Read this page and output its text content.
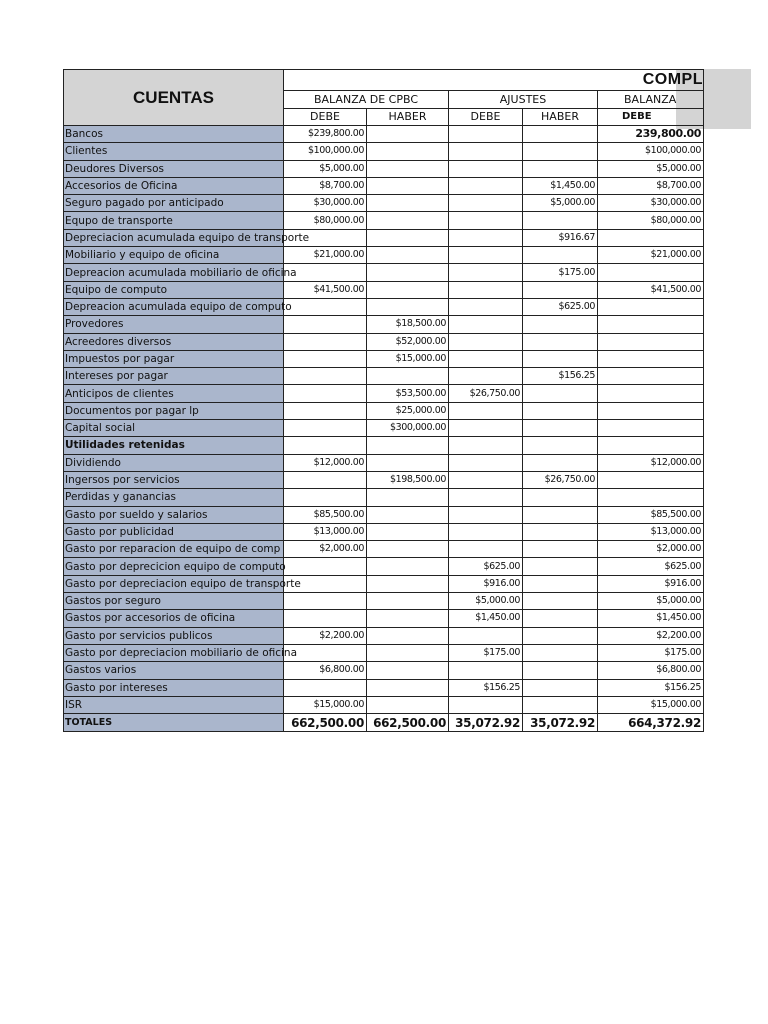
CUENTAS	COMPL				
	BALANZA DE CPBC		AJUSTES		BALANZA
	DEBE	HABER	DEBE	HABER	DEBE
Bancos	$239,800.00				239,800.00
Clientes	$100,000.00				$100,000.00
Deudores Diversos	$5,000.00				$5,000.00
Accesorios de Oficina	$8,700.00			$1,450.00	$8,700.00
Seguro pagado por anticipado	$30,000.00			$5,000.00	$30,000.00
Equpo de transporte	$80,000.00				$80,000.00
Depreciacion acumulada equipo de transporte				$916.67	
Mobiliario y equipo de oficina	$21,000.00				$21,000.00
Depreacion acumulada mobiliario de oficina				$175.00	
Equipo de computo	$41,500.00				$41,500.00
Depreacion acumulada equipo de computo				$625.00	
Provedores		$18,500.00			
Acreedores diversos		$52,000.00			
Impuestos por pagar		$15,000.00			
Intereses por pagar				$156.25	
Anticipos de clientes		$53,500.00	$26,750.00		
Documentos por pagar lp		$25,000.00			
Capital social		$300,000.00			
Utilidades retenidas					
Dividiendo	$12,000.00				$12,000.00
Ingersos por servicios		$198,500.00		$26,750.00	
Perdidas y ganancias					
Gasto por sueldo y salarios	$85,500.00				$85,500.00
Gasto por publicidad	$13,000.00				$13,000.00
Gasto por reparacion de equipo de comp	$2,000.00				$2,000.00
Gasto por deprecicion equipo de computo			$625.00		$625.00
Gasto por depreciacion equipo de transporte			$916.00		$916.00
Gastos por seguro			$5,000.00		$5,000.00
Gastos por accesorios de oficina			$1,450.00		$1,450.00
Gasto por servicios publicos	$2,200.00				$2,200.00
Gasto por depreciacion mobiliario de oficina			$175.00		$175.00
Gastos varios	$6,800.00				$6,800.00
Gasto por intereses			$156.25		$156.25
ISR	$15,000.00				$15,000.00
TOTALES	662,500.00	662,500.00	35,072.92	35,072.92	664,372.92
